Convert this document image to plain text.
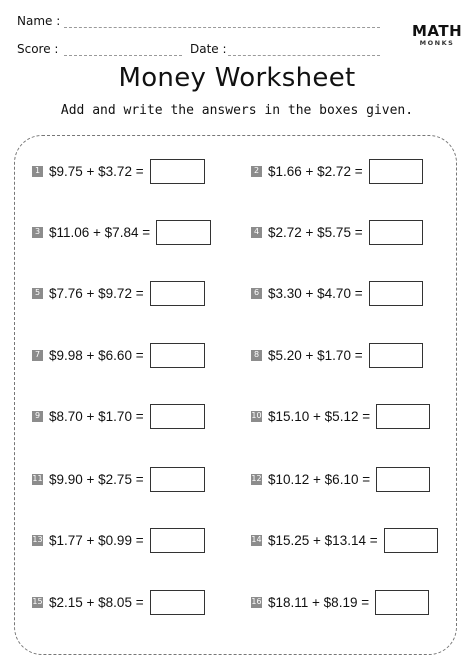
Name :
Score :	Date :
MATH
MONKS
Money Worksheet
Add and write the answers in the boxes given.
1 $9.75 + $3.72 =
3 $11.06 + $7.84 =
5 $7.76 + $9.72 =
7 $9.98 + $6.60 =
9 $8.70 + $1.70 =
11 $9.90 + $2.75 =
13 $1.77 + $0.99 =
15 $2.15 + $8.05 =
2 $1.66 + $2.72 =
4 $2.72 + $5.75 =
6 $3.30 + $4.70 =
8 $5.20 + $1.70 =
10 $15.10 + $5.12 =
12 $10.12 + $6.10 =
14 $15.25 + $13.14 =
16 $18.11 + $8.19 =
